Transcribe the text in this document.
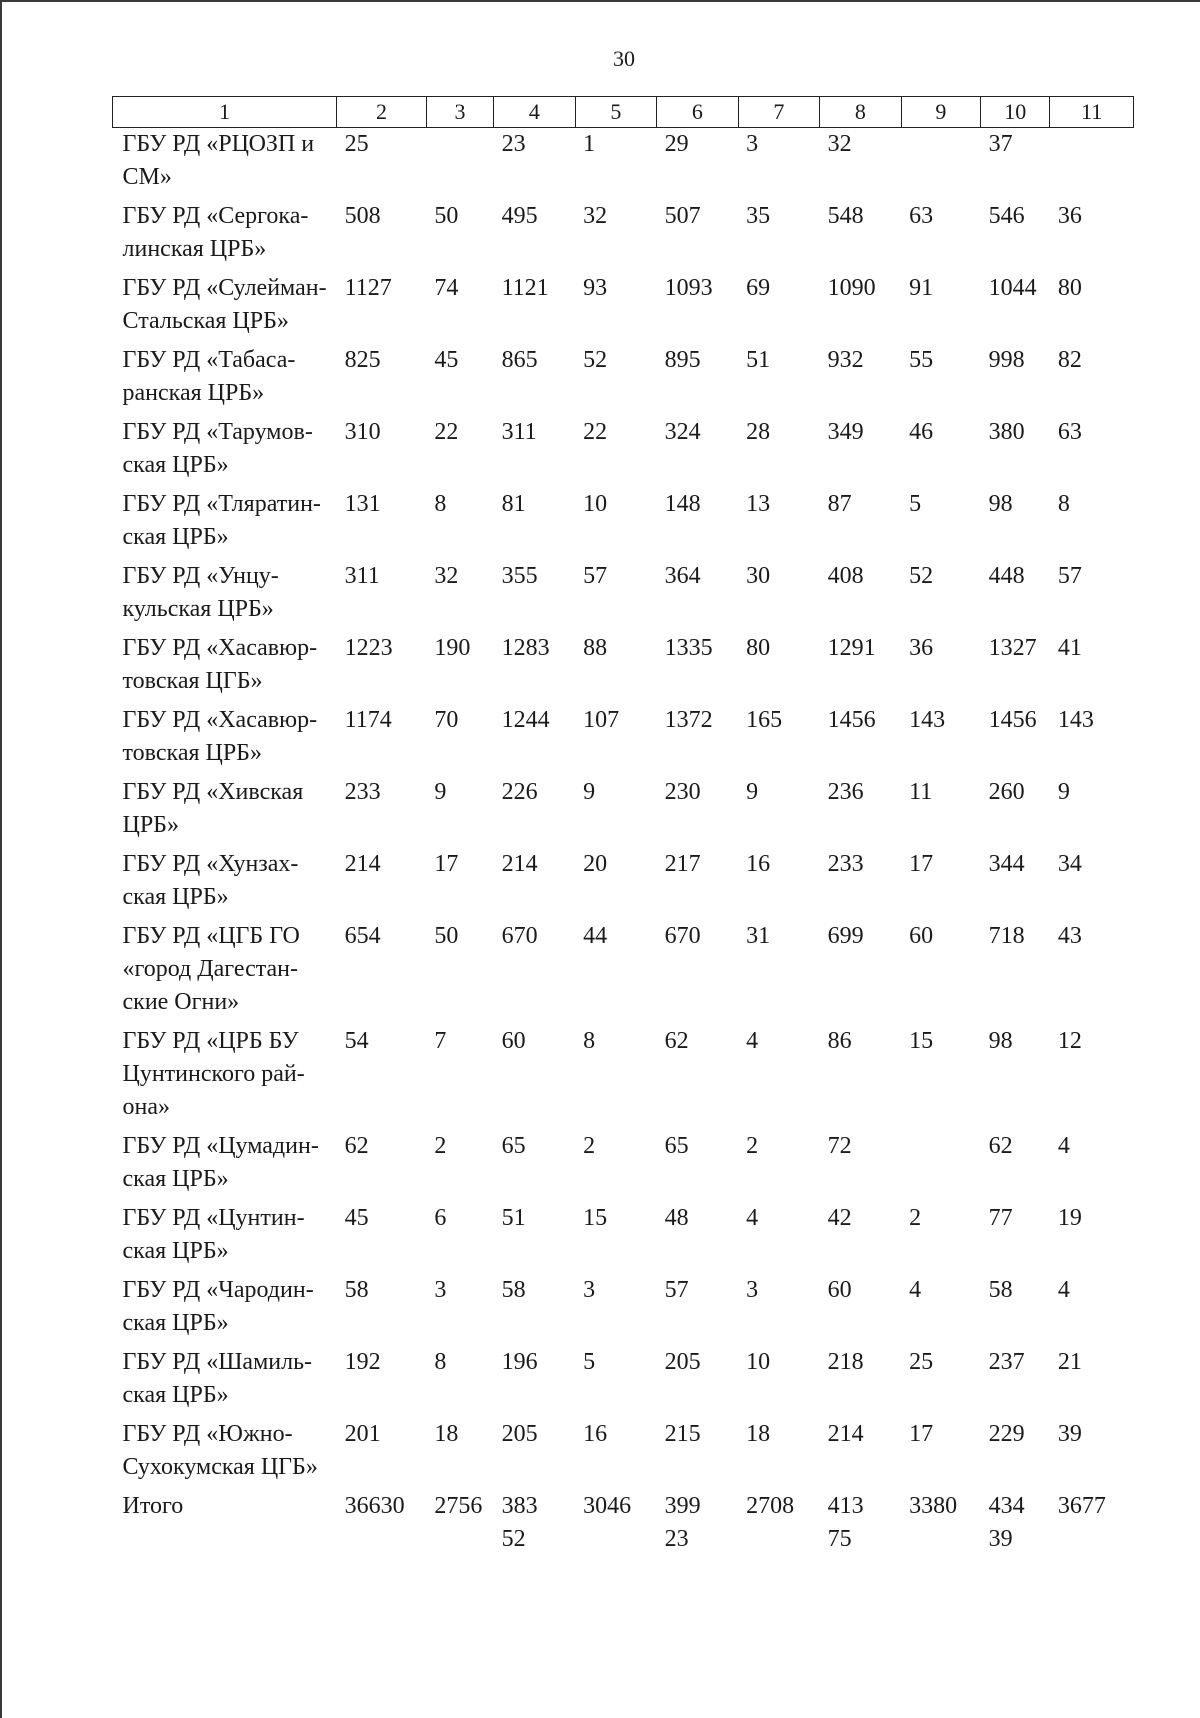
30
1	2	3	4	5	6	7	8	9	10	11
ГБУ РД «РЦОЗП и СМ»	25		23	1	29	3	32		37	
ГБУ РД «Сергокалинская ЦРБ»	508	50	495	32	507	35	548	63	546	36
ГБУ РД «Сулейман-Стальская ЦРБ»	1127	74	1121	93	1093	69	1090	91	1044	80
ГБУ РД «Табасаранская ЦРБ»	825	45	865	52	895	51	932	55	998	82
ГБУ РД «Тарумовская ЦРБ»	310	22	311	22	324	28	349	46	380	63
ГБУ РД «Тляратинская ЦРБ»	131	8	81	10	148	13	87	5	98	8
ГБУ РД «Унцукульская ЦРБ»	311	32	355	57	364	30	408	52	448	57
ГБУ РД «Хасавюртовская ЦГБ»	1223	190	1283	88	1335	80	1291	36	1327	41
ГБУ РД «Хасавюртовская ЦРБ»	1174	70	1244	107	1372	165	1456	143	1456	143
ГБУ РД «Хивская ЦРБ»	233	9	226	9	230	9	236	11	260	9
ГБУ РД «Хунзахская ЦРБ»	214	17	214	20	217	16	233	17	344	34
ГБУ РД «ЦГБ ГО «город Дагестанские Огни»	654	50	670	44	670	31	699	60	718	43
ГБУ РД «ЦРБ БУ Цунтинского района»	54	7	60	8	62	4	86	15	98	12
ГБУ РД «Цумадинская ЦРБ»	62	2	65	2	65	2	72		62	4
ГБУ РД «Цунтинская ЦРБ»	45	6	51	15	48	4	42	2	77	19
ГБУ РД «Чародинская ЦРБ»	58	3	58	3	57	3	60	4	58	4
ГБУ РД «Шамильская ЦРБ»	192	8	196	5	205	10	218	25	237	21
ГБУ РД «Южно-Сухокумская ЦГБ»	201	18	205	16	215	18	214	17	229	39
Итого	36630	2756	38352	3046	39923	2708	41375	3380	43439	3677
